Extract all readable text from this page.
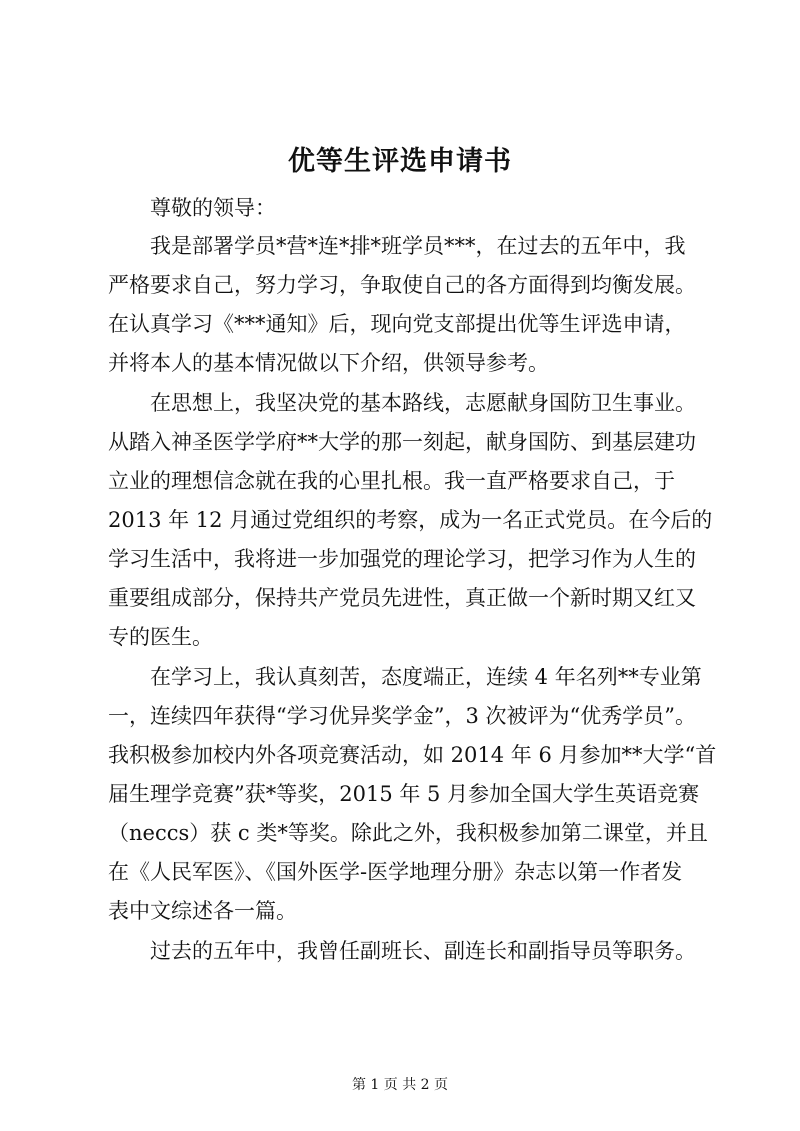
优等生评选申请书
尊敬的领导：
我是部署学员*营*连*排*班学员***，在过去的五年中，我
严格要求自己，努力学习，争取使自己的各方面得到均衡发展。
在认真学习《***通知》后，现向党支部提出优等生评选申请，
并将本人的基本情况做以下介绍，供领导参考。
在思想上，我坚决党的基本路线，志愿献身国防卫生事业。
从踏入神圣医学学府**大学的那一刻起，献身国防、到基层建功
立业的理想信念就在我的心里扎根。我一直严格要求自己，于
2013 年 12 月通过党组织的考察，成为一名正式党员。在今后的
学习生活中，我将进一步加强党的理论学习，把学习作为人生的
重要组成部分，保持共产党员先进性，真正做一个新时期又红又
专的医生。
在学习上，我认真刻苦，态度端正，连续 4 年名列**专业第
一，连续四年获得“学习优异奖学金”，3 次被评为“优秀学员”。
我积极参加校内外各项竞赛活动，如 2014 年 6 月参加**大学“首
届生理学竞赛”获*等奖，2015 年 5 月参加全国大学生英语竞赛
（neccs）获 c 类*等奖。除此之外，我积极参加第二课堂，并且
在《人民军医》、《国外医学-医学地理分册》杂志以第一作者发
表中文综述各一篇。
过去的五年中，我曾任副班长、副连长和副指导员等职务。
第 1 页 共 2 页
